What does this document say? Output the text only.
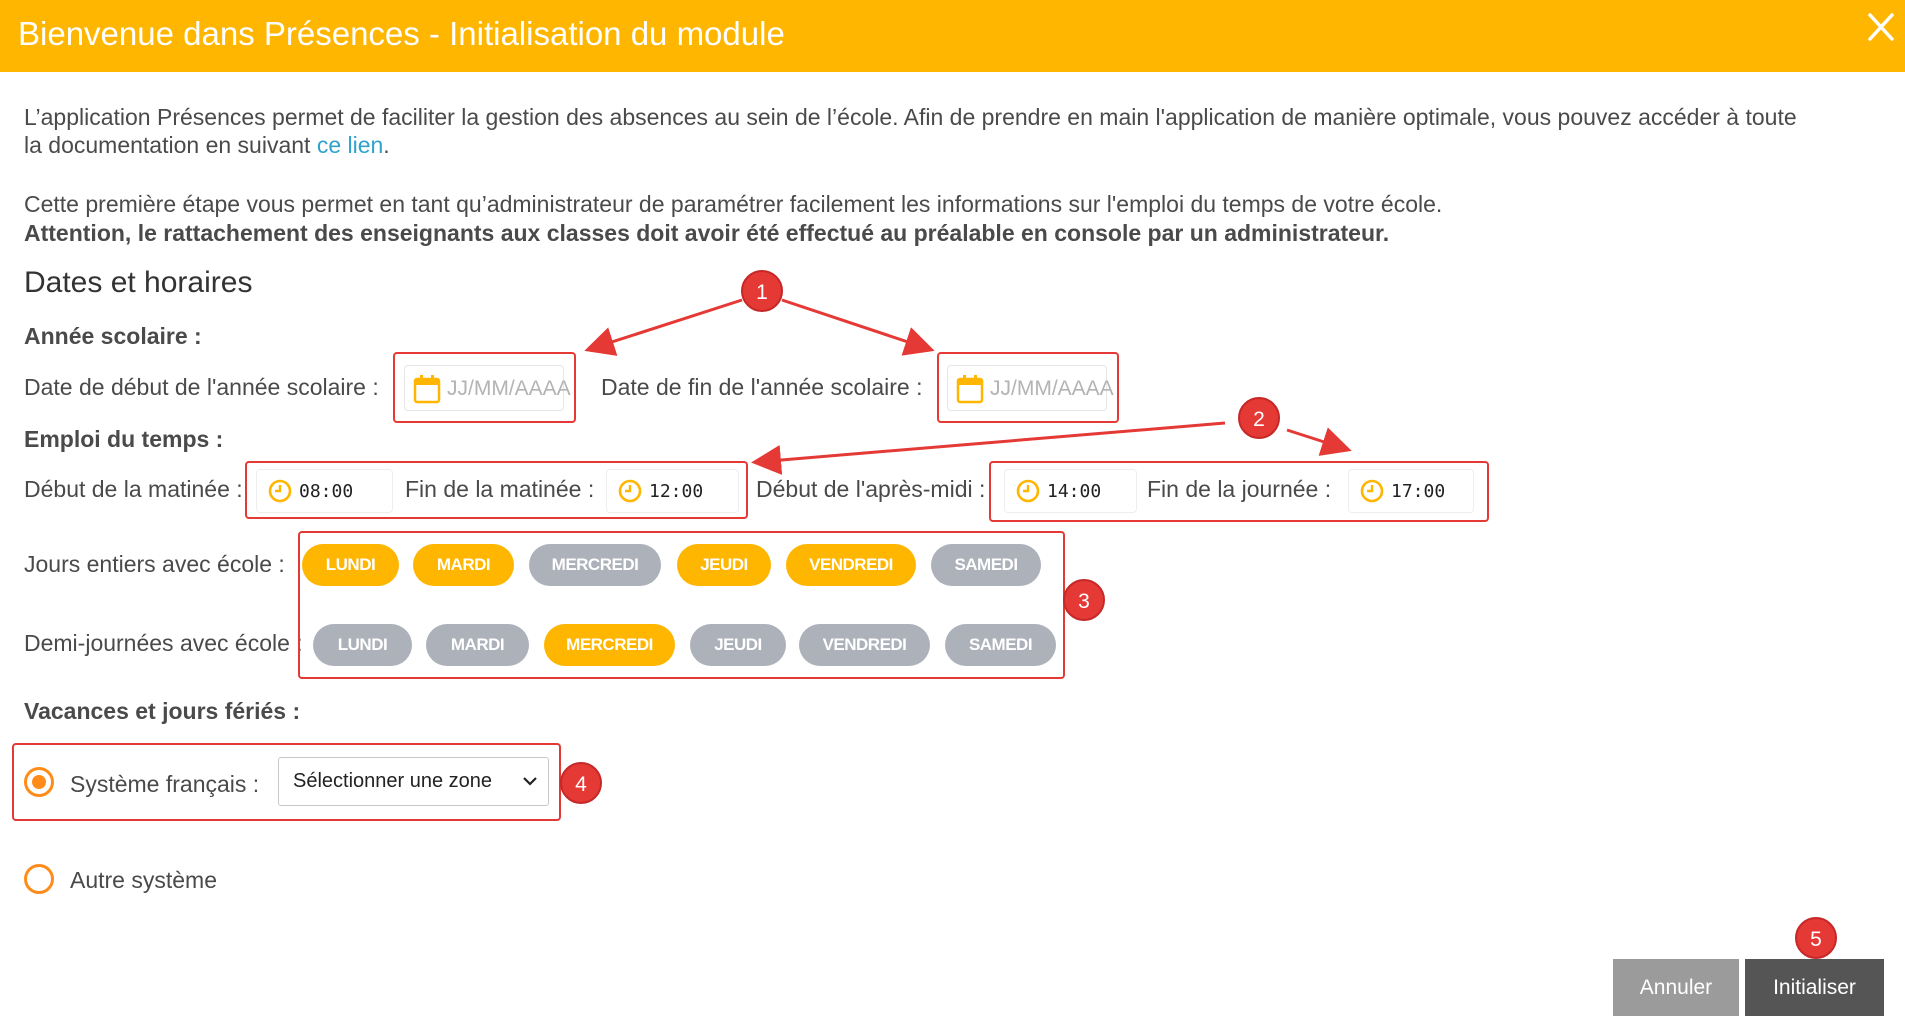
Bienvenue dans Présences - Initialisation du module
L’application Présences permet de faciliter la gestion des absences au sein de l’école. Afin de prendre en main l'application de manière optimale, vous pouvez accéder à toute
la documentation en suivant ce lien.
Cette première étape vous permet en tant qu’administrateur de paramétrer facilement les informations sur l'emploi du temps de votre école.
Attention, le rattachement des enseignants aux classes doit avoir été effectué au préalable en console par un administrateur.
Dates et horaires
Année scolaire :
Date de début de l'année scolaire :	JJ/MM/AAAA Date de fin de l'année scolaire :	JJ/MM/AAAA
Emploi du temps :
Début de la matinée :	08:00 Fin de la matinée :	12:00 Début de l'après-midi :	14:00 Fin de la journée :	17:00
Jours entiers avec école :	LUNDI	MARDI	MERCREDI	JEUDI	VENDREDI	SAMEDI
Demi-journées avec école :	LUNDI	MARDI	MERCREDI	JEUDI	VENDREDI	SAMEDI
Vacances et jours fériés :
Système français : Sélectionner une zone
Autre système
Annuler	Initialiser
1
2
3
4
5
